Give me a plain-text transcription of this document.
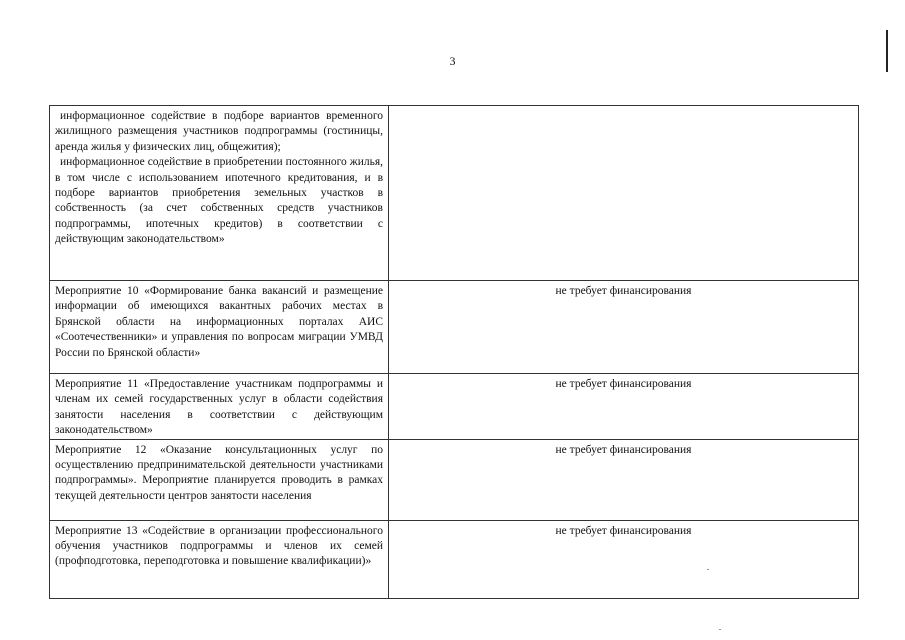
3
информационное содействие в подборе вариантов временного жилищного размещения участников подпрограммы (гостиницы, аренда жилья у физических лиц, общежития);
информационное содействие в приобретении постоянного жилья, в том числе с использованием ипотечного кредитования, и в подборе вариантов приобретения земельных участков в собственность (за счет собственных средств участников подпрограммы, ипотечных кредитов) в соответствии с действующим законодательством»	

Мероприятие 10 «Формирование банка вакансий и размещение информации об имеющихся вакантных рабочих местах в Брянской области на информационных порталах АИС «Соотечественники» и управления по вопросам миграции УМВД России по Брянской области»	не требует финансирования

Мероприятие 11 «Предоставление участникам подпрограммы и членам их семей государственных услуг в области содействия занятости населения в соответствии с действующим законодательством»	не требует финансирования

Мероприятие 12 «Оказание консультационных услуг по осуществлению предпринимательской деятельности участниками подпрограммы». Мероприятие планируется проводить в рамках текущей деятельности центров занятости населения	не требует финансирования

Мероприятие 13 «Содействие в организации профессионального обучения участников подпрограммы и членов их семей (профподготовка, переподготовка и повышение квалификации)»	не требует финансирования
